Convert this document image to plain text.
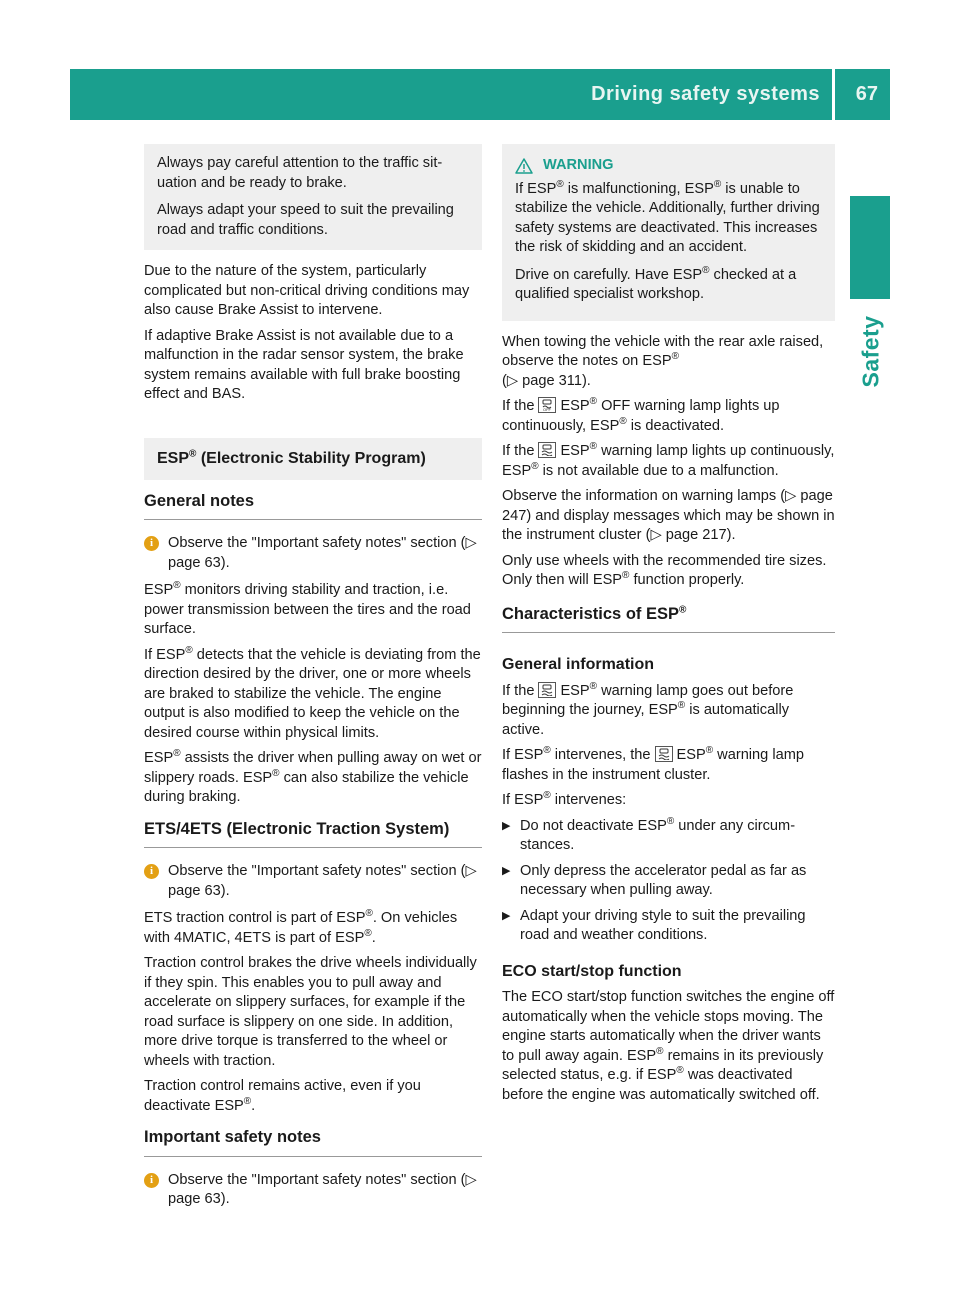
Driving safety systems 67
Safety

Always pay careful attention to the traffic situation and be ready to brake.

Always adapt your speed to suit the prevailing road and traffic conditions.

Due to the nature of the system, particularly complicated but non-critical driving conditions may also cause Brake Assist to intervene.

If adaptive Brake Assist is not available due to a malfunction in the radar sensor system, the brake system remains available with full brake boosting effect and BAS.

ESP® (Electronic Stability Program)
General notes
i	Observe the "Important safety notes" section (▷ page 63).

ESP® monitors driving stability and traction, i.e. power transmission between the tires and the road surface.

If ESP® detects that the vehicle is deviating from the direction desired by the driver, one or more wheels are braked to stabilize the vehicle. The engine output is also modified to keep the vehicle on the desired course within physical limits.

ESP® assists the driver when pulling away on wet or slippery roads. ESP® can also stabilize the vehicle during braking.

ETS/4ETS (Electronic Traction System)
i	Observe the "Important safety notes" section (▷ page 63).

ETS traction control is part of ESP®. On vehicles with 4MATIC, 4ETS is part of ESP®.

Traction control brakes the drive wheels individually if they spin. This enables you to pull away and accelerate on slippery surfaces, for example if the road surface is slippery on one side. In addition, more drive torque is transferred to the wheel or wheels with traction.

Traction control remains active, even if you deactivate ESP®.

Important safety notes
i	Observe the "Important safety notes" section (▷ page 63).
WARNING

If ESP® is malfunctioning, ESP® is unable to stabilize the vehicle. Additionally, further driving safety systems are deactivated. This increases the risk of skidding and an accident.

Drive on carefully. Have ESP® checked at a qualified specialist workshop.

When towing the vehicle with the rear axle raised, observe the notes on ESP®
(▷ page 311).

If the OFF ESP® OFF warning lamp lights up continuously, ESP® is deactivated.

If the ESP® warning lamp lights up continuously, ESP® is not available due to a malfunction.

Observe the information on warning lamps (▷ page 247) and display messages which may be shown in the instrument cluster (▷ page 217).

Only use wheels with the recommended tire sizes. Only then will ESP® function properly.

Characteristics of ESP®
General information

If the ESP® warning lamp goes out before beginning the journey, ESP® is automatically active.

If ESP® intervenes, the ESP® warning lamp flashes in the instrument cluster.

If ESP® intervenes:

▶ Do not deactivate ESP® under any circumstances.
▶ Only depress the accelerator pedal as far as necessary when pulling away.
▶ Adapt your driving style to suit the prevailing road and weather conditions.
ECO start/stop function

The ECO start/stop function switches the engine off automatically when the vehicle stops moving. The engine starts automatically when the driver wants to pull away again. ESP® remains in its previously selected status, e.g. if ESP® was deactivated before the engine was automatically switched off.
